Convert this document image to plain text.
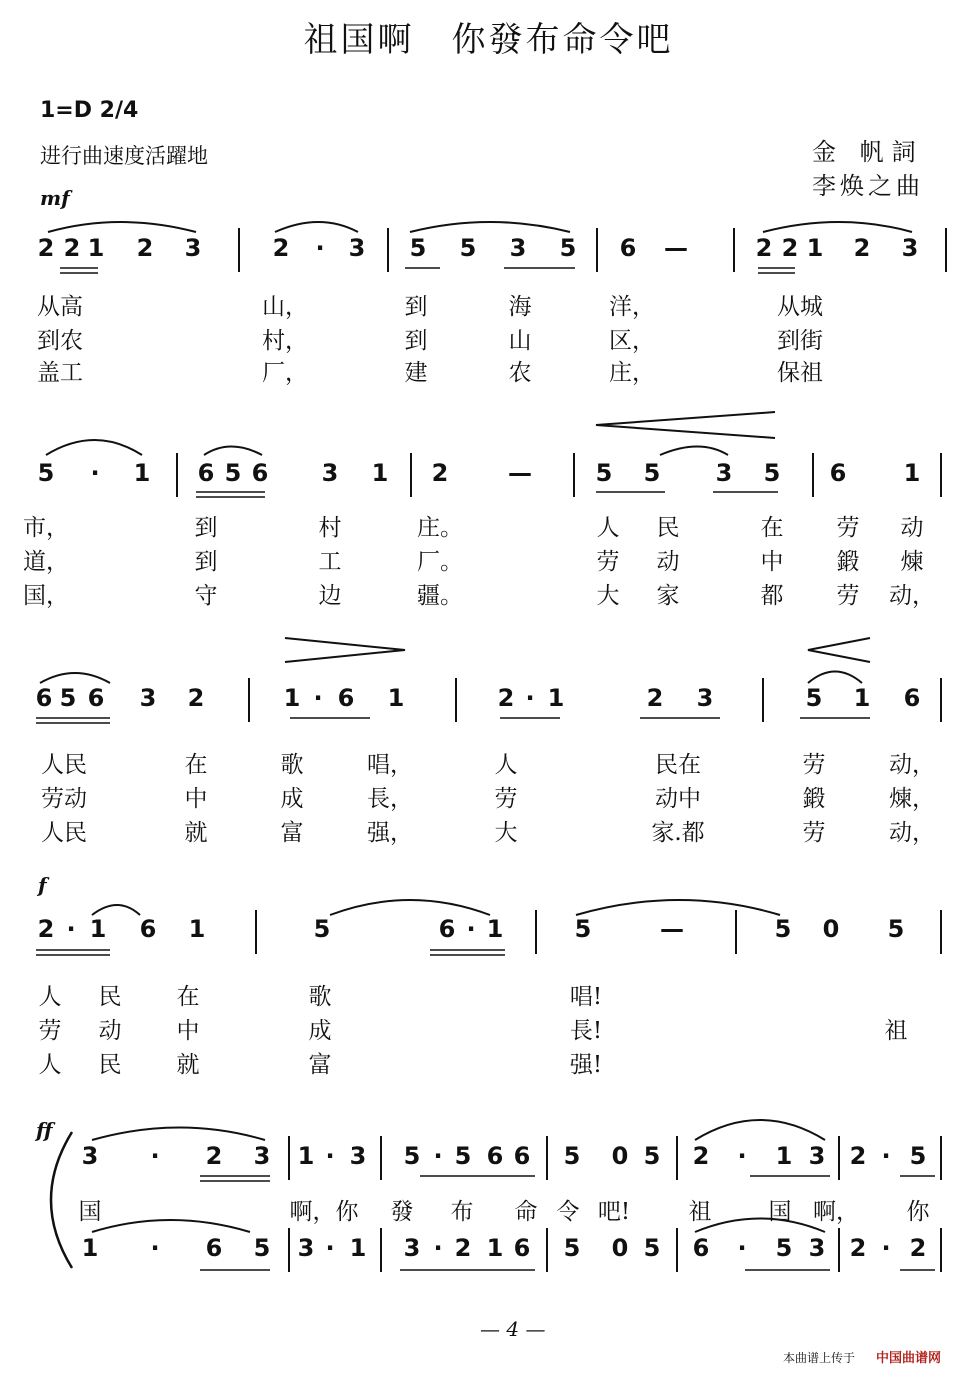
祖国啊　你發布命令吧
1=D 2/4
进行曲速度活躍地	金 帆詞
李焕之曲
mf
f
ff
2 2 1 2 3	2 · 3 5 5 3 5 6 —	2 2 1 2 3
从高	山，	到	海	洋，	从城
到农	村，	到	山	区，	到街
盖工	厂，	建	农	庄，	保祖
5 · 1 6 5 6 3 1 2 —	5 5 3 5 6 1
市，	到	村	庄。	人 民	在 劳 动
道，	到	工	厂。	劳 动	中 鍛 煉
国，	守	边	疆。	大 家	都 劳 动，
6 5 6 3 2	1 · 6 1	2 · 1	2 3	5 1 6
人民	在	歌	唱，	人	民在	劳	动，
劳动	中	成	長，	劳	动中	鍛	煉，
人民	就	富	强，	大	家.都	劳	动，
2 · 1 6 1	5	6 · 1	5	—	5 0 5
人 民 在	歌	唱!
劳 动 中	成	長!	祖
人 民 就	富	强!
3 · 2 3 1 · 3 5 · 5 6 6 5 0 5 2 · 1 3 2 · 5
国	啊，你 發 布 命 令 吧!	祖 国 啊， 你
1 · 6 5 3 · 1 3 · 2 1 6 5 0 5 6 · 5 3 2 · 2
— 4 —
本曲谱上传于 中国曲谱网
